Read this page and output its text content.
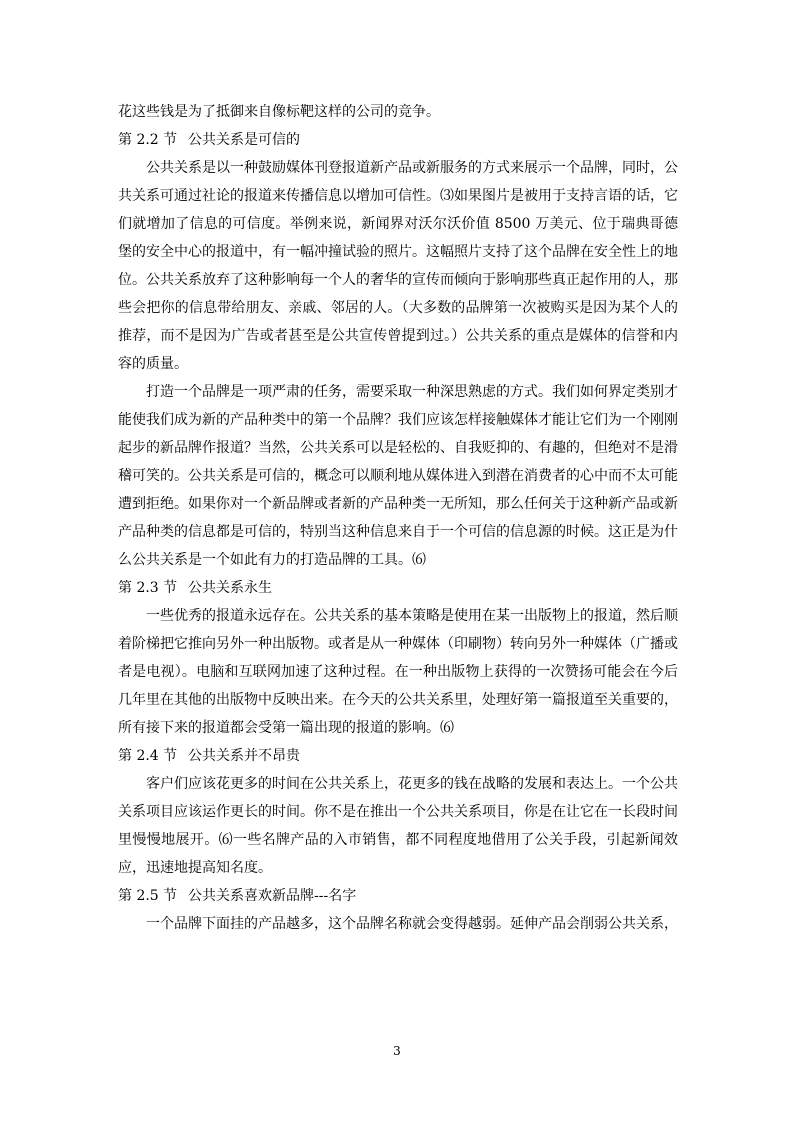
花这些钱是为了抵御来自像标靶这样的公司的竞争。

第 2.2 节 公共关系是可信的

公共关系是以一种鼓励媒体刊登报道新产品或新服务的方式来展示一个品牌，同时，公共关系可通过社论的报道来传播信息以增加可信性。⑶如果图片是被用于支持言语的话，它们就增加了信息的可信度。举例来说，新闻界对沃尔沃价值 8500 万美元、位于瑞典哥德堡的安全中心的报道中，有一幅冲撞试验的照片。这幅照片支持了这个品牌在安全性上的地位。公共关系放弃了这种影响每一个人的奢华的宣传而倾向于影响那些真正起作用的人，那些会把你的信息带给朋友、亲戚、邻居的人。（大多数的品牌第一次被购买是因为某个人的推荐，而不是因为广告或者甚至是公共宣传曾提到过。）公共关系的重点是媒体的信誉和内容的质量。

打造一个品牌是一项严肃的任务，需要采取一种深思熟虑的方式。我们如何界定类别才能使我们成为新的产品种类中的第一个品牌？我们应该怎样接触媒体才能让它们为一个刚刚起步的新品牌作报道？当然，公共关系可以是轻松的、自我贬抑的、有趣的，但绝对不是滑稽可笑的。公共关系是可信的，概念可以顺利地从媒体进入到潜在消费者的心中而不太可能遭到拒绝。如果你对一个新品牌或者新的产品种类一无所知，那么任何关于这种新产品或新产品种类的信息都是可信的，特别当这种信息来自于一个可信的信息源的时候。这正是为什么公共关系是一个如此有力的打造品牌的工具。⑹

第 2.3 节 公共关系永生

一些优秀的报道永远存在。公共关系的基本策略是使用在某一出版物上的报道，然后顺着阶梯把它推向另外一种出版物。或者是从一种媒体（印刷物）转向另外一种媒体（广播或者是电视）。电脑和互联网加速了这种过程。在一种出版物上获得的一次赞扬可能会在今后几年里在其他的出版物中反映出来。在今天的公共关系里，处理好第一篇报道至关重要的，所有接下来的报道都会受第一篇出现的报道的影响。⑹

第 2.4 节 公共关系并不昂贵

客户们应该花更多的时间在公共关系上，花更多的钱在战略的发展和表达上。一个公共关系项目应该运作更长的时间。你不是在推出一个公共关系项目，你是在让它在一长段时间里慢慢地展开。⑹一些名牌产品的入市销售，都不同程度地借用了公关手段，引起新闻效应，迅速地提高知名度。

第 2.5 节 公共关系喜欢新品牌---名字

一个品牌下面挂的产品越多，这个品牌名称就会变得越弱。延伸产品会削弱公共关系，

3
